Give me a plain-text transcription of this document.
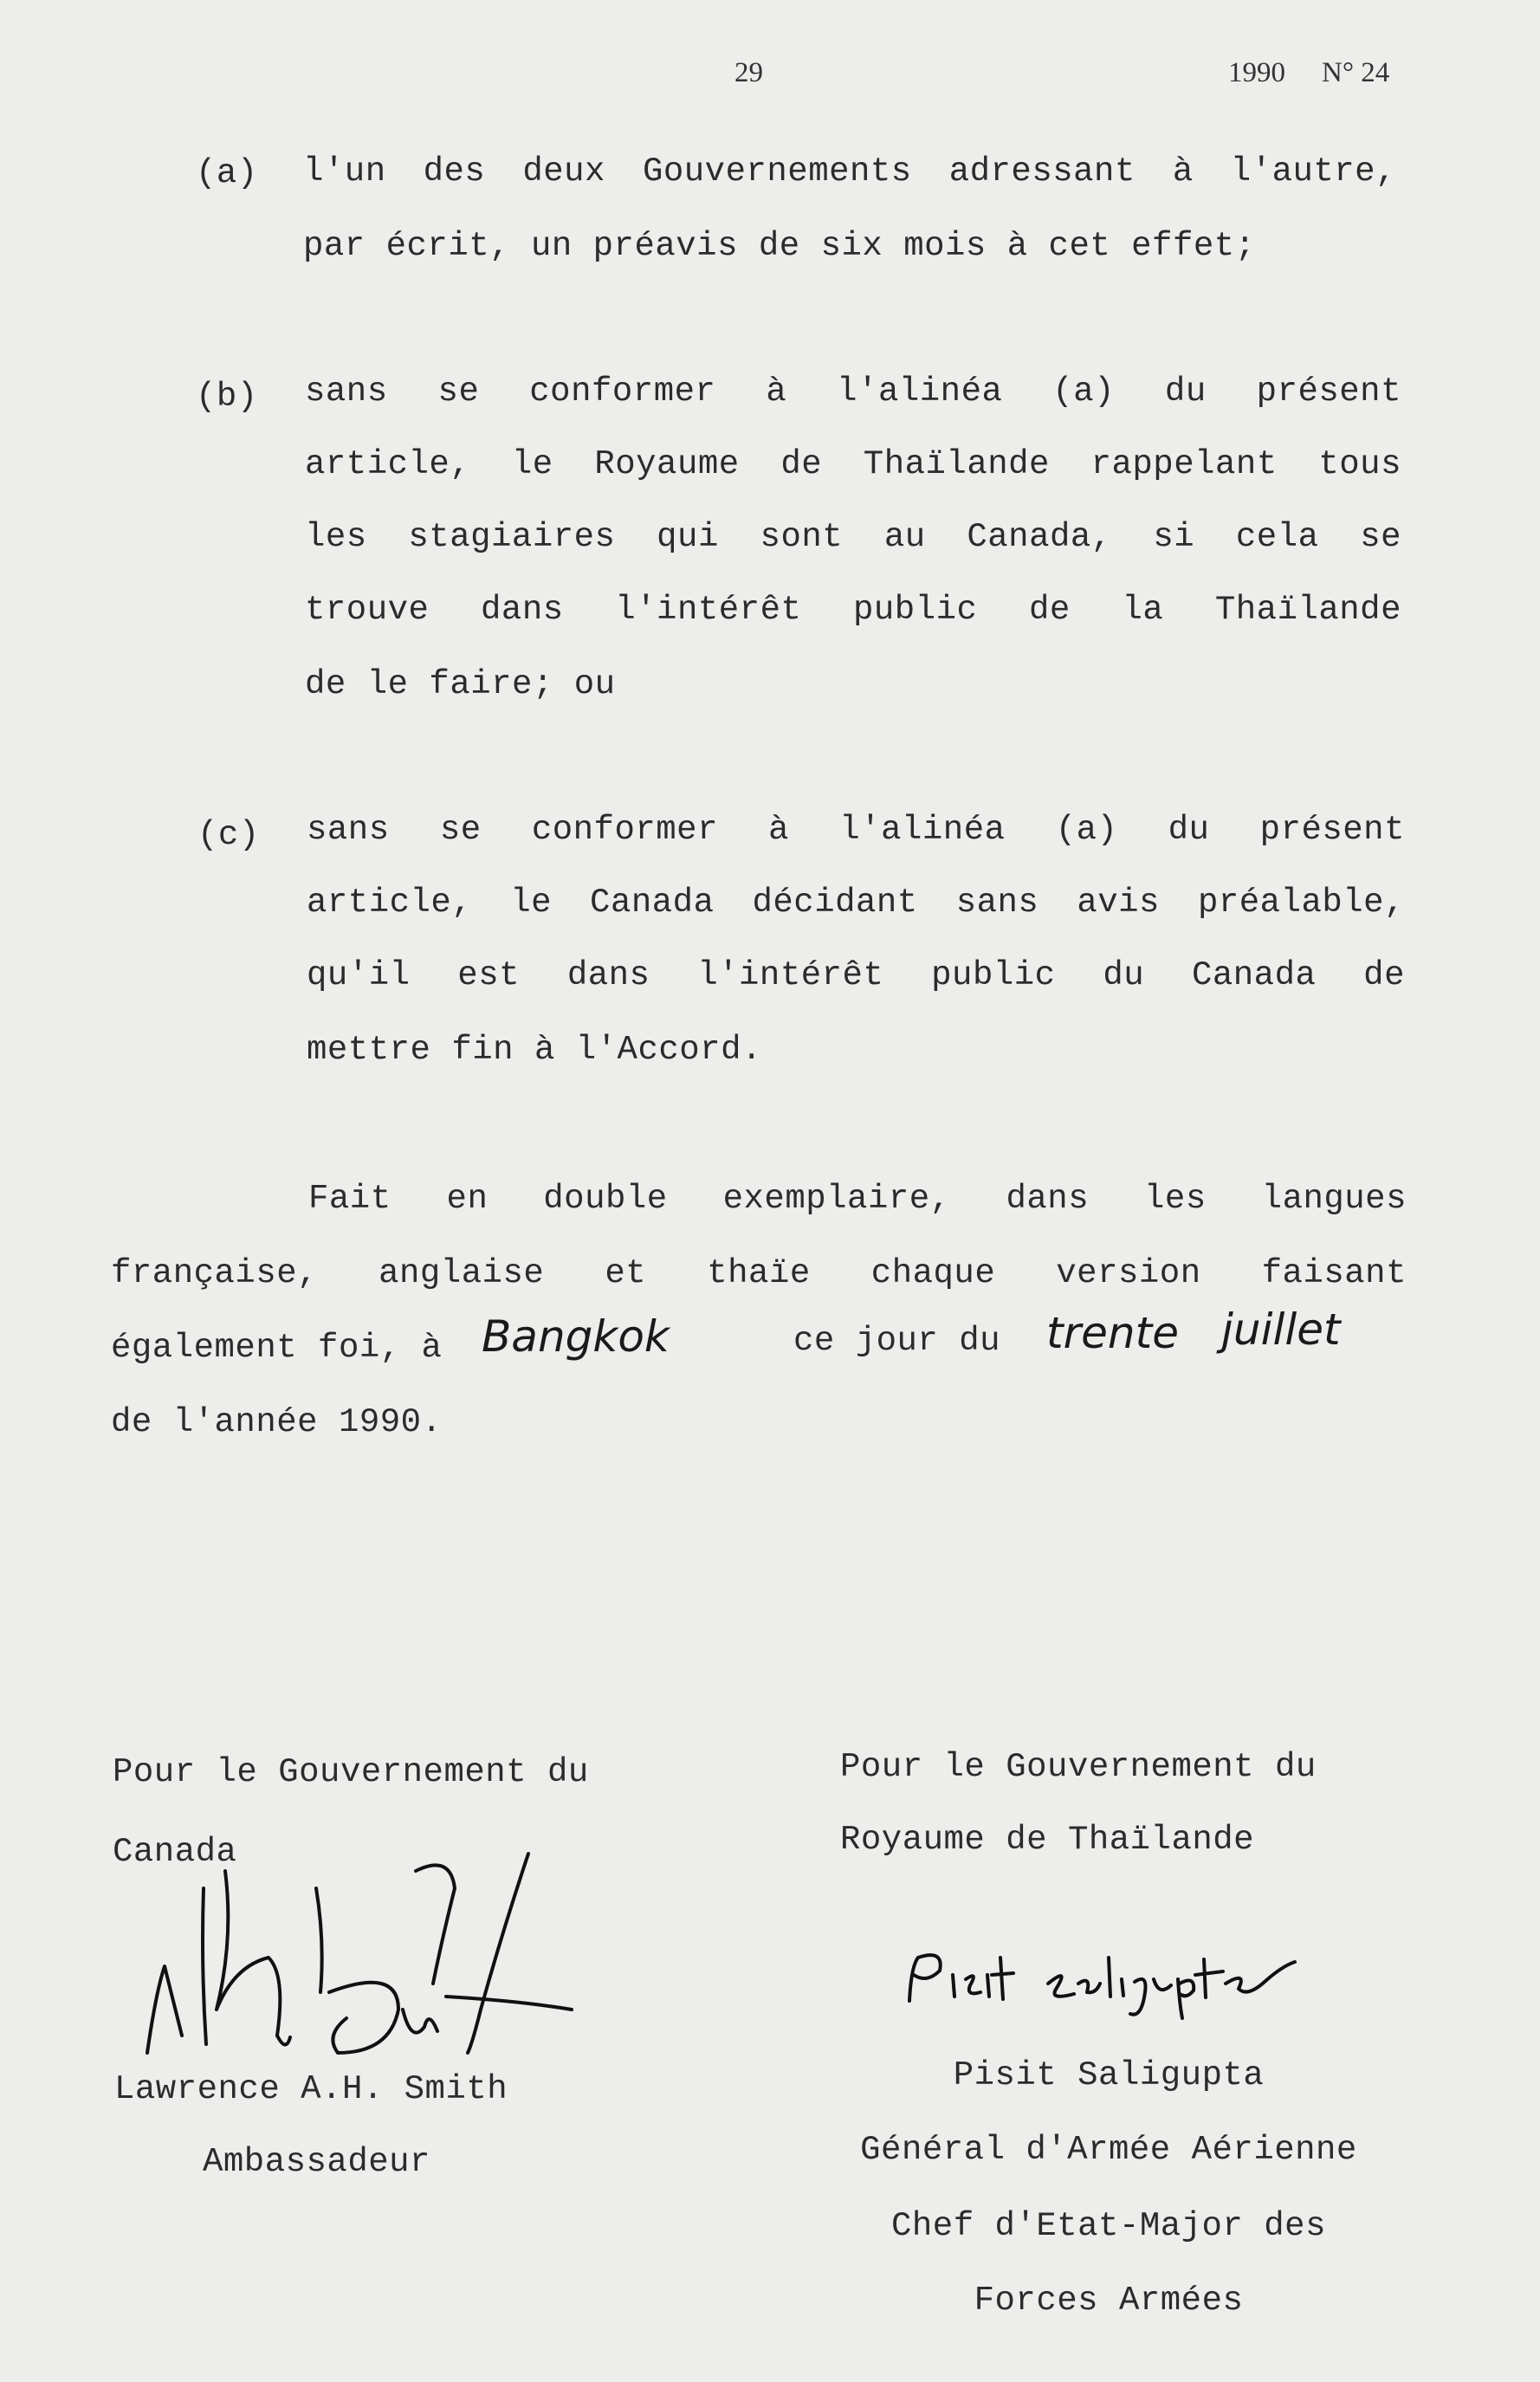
29	1990 N° 24
(a) l'un des deux Gouvernements adressant à l'autre,
par écrit, un préavis de six mois à cet effet;
(b) sans se conformer à l'alinéa (a) du présent
article, le Royaume de Thaïlande rappelant tous
les stagiaires qui sont au Canada, si cela se
trouve dans l'intérêt public de la Thaïlande
de le faire; ou
(c) sans se conformer à l'alinéa (a) du présent
article, le Canada décidant sans avis préalable,
qu'il est dans l'intérêt public du Canada de
mettre fin à l'Accord.
Fait en double exemplaire, dans les langues
française, anglaise et thaïe chaque version faisant
également foi, à Bangkok	ce jour du trente juillet
de l'année 1990.
Pour le Gouvernement du
Canada
Lawrence A.H. Smith
Ambassadeur
Pour le Gouvernement du
Royaume de Thaïlande
Pisit Saligupta
Général d'Armée Aérienne
Chef d'Etat-Major des
Forces Armées
